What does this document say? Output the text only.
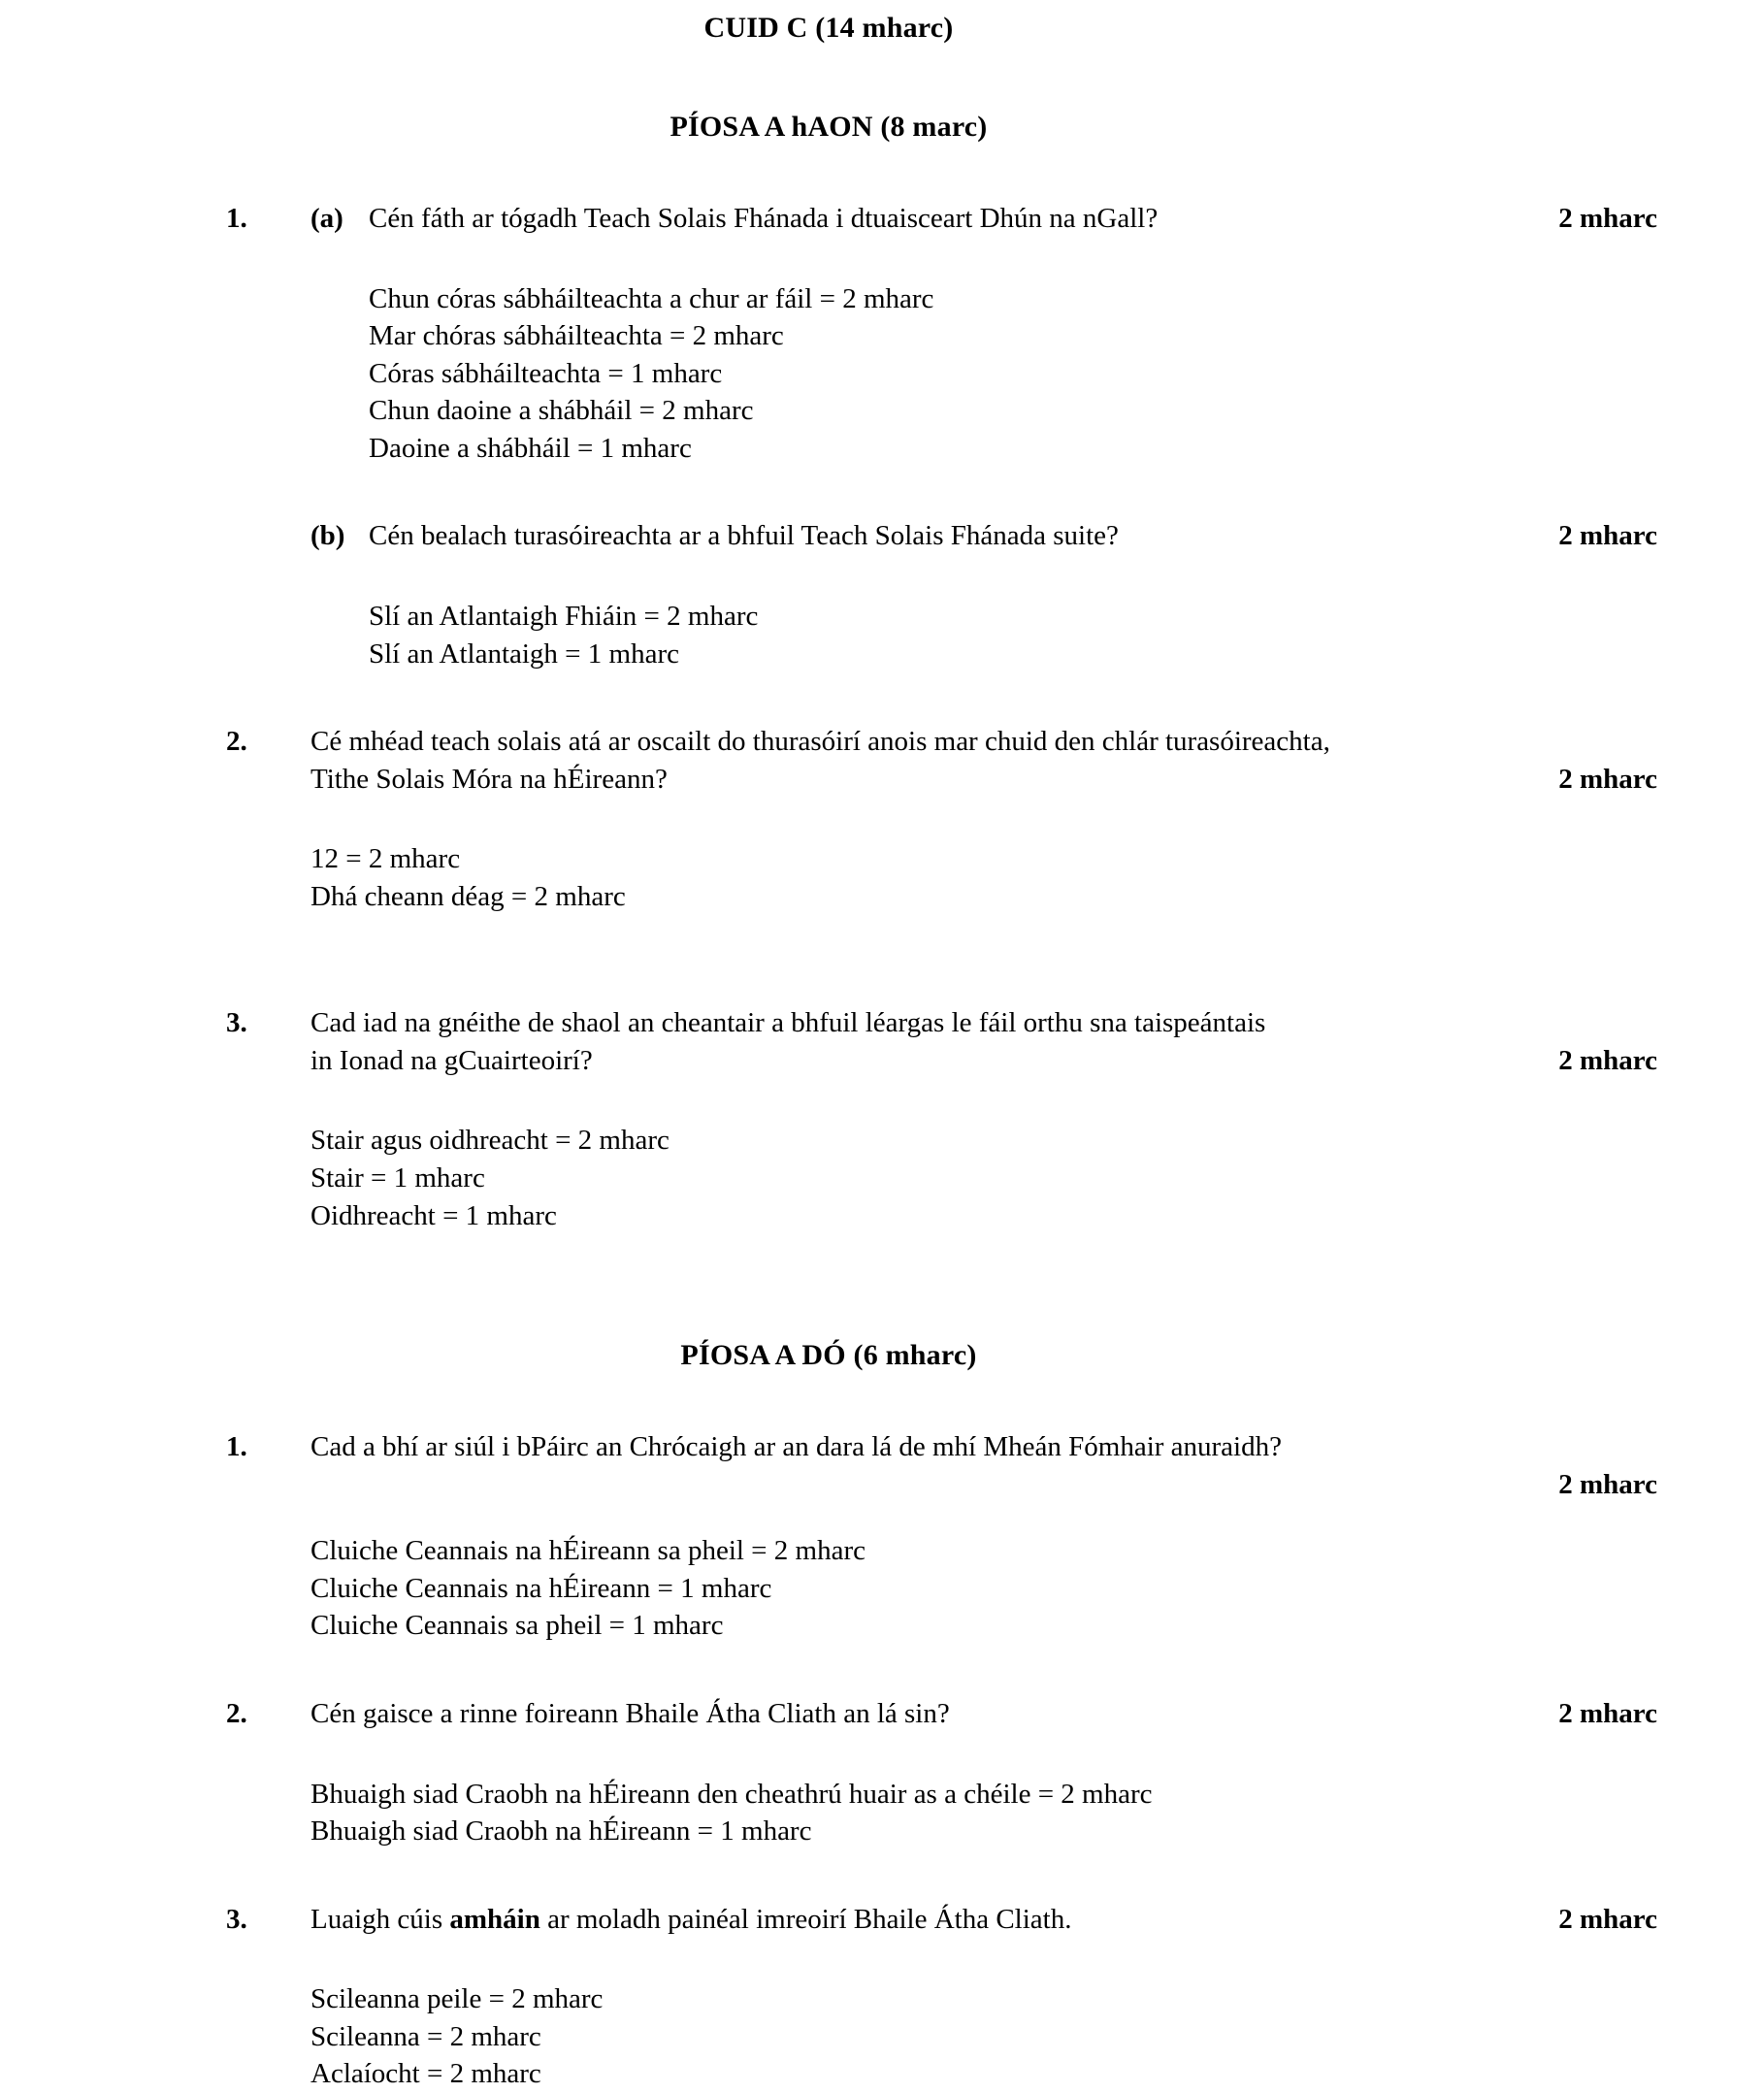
CUID C (14 mharc)
PÍOSA A hAON (8 marc)
1. (a) Cén fáth ar tógadh Teach Solais Fhánada i dtuaisceart Dhún na nGall?	2 mharc
Chun córas sábháilteachta a chur ar fáil = 2 mharc
Mar chóras sábháilteachta = 2 mharc
Córas sábháilteachta = 1 mharc
Chun daoine a shábháil = 2 mharc
Daoine a shábháil = 1 mharc
(b) Cén bealach turasóireachta ar a bhfuil Teach Solais Fhánada suite?	2 mharc
Slí an Atlantaigh Fhiáin = 2 mharc
Slí an Atlantaigh = 1 mharc
2. Cé mhéad teach solais atá ar oscailt do thurasóirí anois mar chuid den chlár turasóireachta,
Tithe Solais Móra na hÉireann?	2 mharc
12 = 2 mharc
Dhá cheann déag = 2 mharc
3. Cad iad na gnéithe de shaol an cheantair a bhfuil léargas le fáil orthu sna taispeántais
in Ionad na gCuairteoirí?	2 mharc
Stair agus oidhreacht = 2 mharc
Stair = 1 mharc
Oidhreacht = 1 mharc
PÍOSA A DÓ (6 mharc)
1. Cad a bhí ar siúl i bPáirc an Chrócaigh ar an dara lá de mhí Mheán Fómhair anuraidh?
2 mharc
Cluiche Ceannais na hÉireann sa pheil = 2 mharc
Cluiche Ceannais na hÉireann = 1 mharc
Cluiche Ceannais sa pheil = 1 mharc
2. Cén gaisce a rinne foireann Bhaile Átha Cliath an lá sin?	2 mharc
Bhuaigh siad Craobh na hÉireann den cheathrú huair as a chéile = 2 mharc
Bhuaigh siad Craobh na hÉireann = 1 mharc
3. Luaigh cúis amháin ar moladh painéal imreoirí Bhaile Átha Cliath.	2 mharc
Scileanna peile = 2 mharc
Scileanna = 2 mharc
Aclaíocht = 2 mharc
